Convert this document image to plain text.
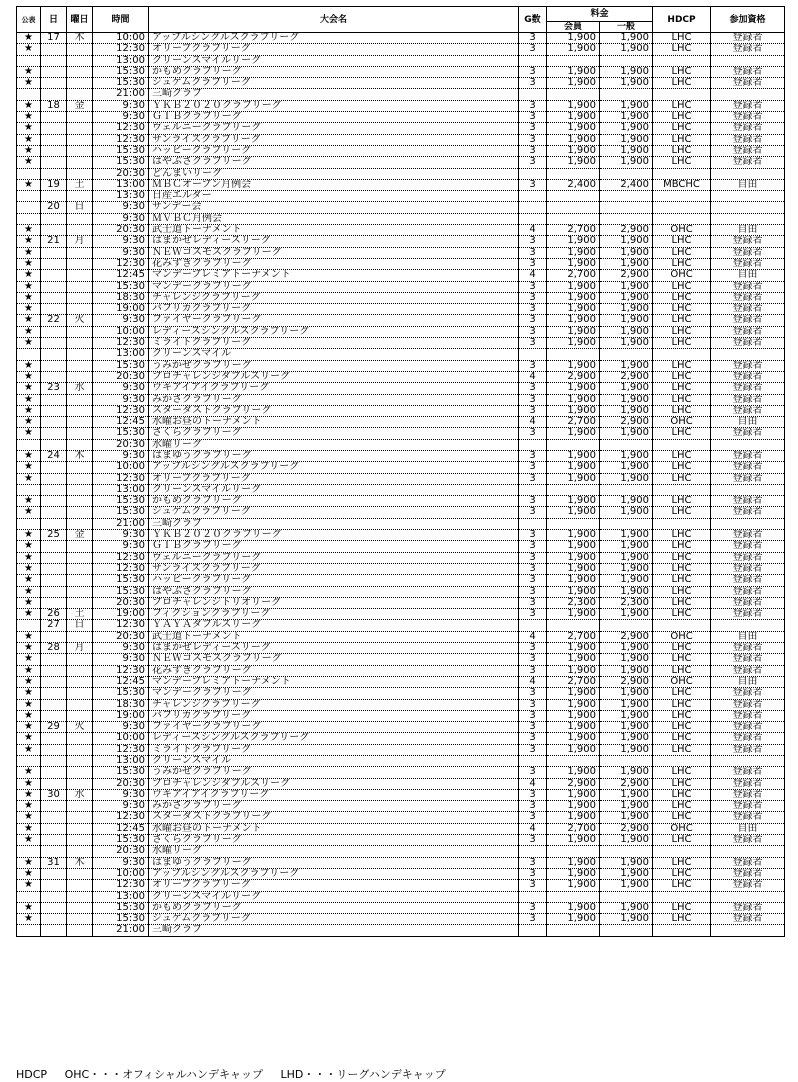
公表	日	曜日	時間	大会名	G数	料金		HDCP	参加資格
						会員	一般		
★	17	木	10:00	アップルシングルスクラブリーグ	3	1,900	1,900	LHC	登録者
★			12:30	オリーブクラブリーグ	3	1,900	1,900	LHC	登録者
			13:00	クリーンスマイルリーグ					
★			15:30	かもめクラブリーグ	3	1,900	1,900	LHC	登録者
★			15:30	ジュゲムクラブリーグ	3	1,900	1,900	LHC	登録者
			21:00	三崎クラブ					
★	18	金	9:30	ＹＫＢ２０２０クラブリーグ	3	1,900	1,900	LHC	登録者
★			9:30	ＧＩＢクラブリーグ	3	1,900	1,900	LHC	登録者
★			12:30	ヴェルニークラブリーグ	3	1,900	1,900	LHC	登録者
★			12:30	サンライズクラブリーグ	3	1,900	1,900	LHC	登録者
★			15:30	ハッピークラブリーグ	3	1,900	1,900	LHC	登録者
★			15:30	はやぶさクラブリーグ	3	1,900	1,900	LHC	登録者
			20:30	どんまいリーグ					
★	19	土	13:00	ＭＢＣオープン月例会	3	2,400	2,400	MBCHC	自由
			13:30	日産エルダー					
	20	日	9:30	サンデー会					
			9:30	ＭＶＢＣ月例会					
★			20:30	武士道トーナメント	4	2,700	2,900	OHC	自由
★	21	月	9:30	はまかぜレディースリーグ	3	1,900	1,900	LHC	登録者
★			9:30	ＮＥＷコスモスクラブリーグ	3	1,900	1,900	LHC	登録者
★			12:30	花みずきクラブリーグ	3	1,900	1,900	LHC	登録者
★			12:45	マンデープレミアトーナメント	4	2,700	2,900	OHC	自由
★			15:30	マンデークラブリーグ	3	1,900	1,900	LHC	登録者
★			18:30	チャレンジクラブリーグ	3	1,900	1,900	LHC	登録者
★			19:00	パフリカクラブリーグ	3	1,900	1,900	LHC	登録者
★	22	火	9:30	ファイヤークラブリーグ	3	1,900	1,900	LHC	登録者
★			10:00	レディースシングルスクラブリーグ	3	1,900	1,900	LHC	登録者
★			12:30	ミライトクラブリーグ	3	1,900	1,900	LHC	登録者
			13:00	クリーンスマイル					
★			15:30	うみかぜクラブリーグ	3	1,900	1,900	LHC	登録者
★			20:30	プロチャレンジダブルスリーグ	4	2,900	2,900	LHC	登録者
★	23	水	9:30	ウキアイアイクラブリーグ	3	1,900	1,900	LHC	登録者
★			9:30	みかさクラブリーグ	3	1,900	1,900	LHC	登録者
★			12:30	スターダストクラブリーグ	3	1,900	1,900	LHC	登録者
★			12:45	水曜お昼のトーナメント	4	2,700	2,900	OHC	自由
★			15:30	さくらクラブリーグ	3	1,900	1,900	LHC	登録者
			20:30	水曜リーグ					
★	24	木	9:30	はまゆうクラブリーグ	3	1,900	1,900	LHC	登録者
★			10:00	アップルシングルスクラブリーグ	3	1,900	1,900	LHC	登録者
★			12:30	オリーブクラブリーグ	3	1,900	1,900	LHC	登録者
			13:00	クリーンスマイルリーグ					
★			15:30	かもめクラブリーグ	3	1,900	1,900	LHC	登録者
★			15:30	ジュゲムクラブリーグ	3	1,900	1,900	LHC	登録者
			21:00	三崎クラブ					
★	25	金	9:30	ＹＫＢ２０２０クラブリーグ	3	1,900	1,900	LHC	登録者
★			9:30	ＧＩＢクラブリーグ	3	1,900	1,900	LHC	登録者
★			12:30	ヴェルニークラブリーグ	3	1,900	1,900	LHC	登録者
★			12:30	サンライズクラブリーグ	3	1,900	1,900	LHC	登録者
★			15:30	ハッピークラブリーグ	3	1,900	1,900	LHC	登録者
★			15:30	はやぶさクラブリーグ	3	1,900	1,900	LHC	登録者
★			20:30	プロチャレンジトリオリーグ	3	2,300	2,300	LHC	登録者
★	26	土	19:00	フィクションクラブリーグ	3	1,900	1,900	LHC	登録者
	27	日	12:30	ＹＡＹＡダブルスリーグ					
★			20:30	武士道トーナメント	4	2,700	2,900	OHC	自由
★	28	月	9:30	はまかぜレディースリーグ	3	1,900	1,900	LHC	登録者
★			9:30	ＮＥＷコスモスクラブリーグ	3	1,900	1,900	LHC	登録者
★			12:30	花みずきクラブリーグ	3	1,900	1,900	LHC	登録者
★			12:45	マンデープレミアトーナメント	4	2,700	2,900	OHC	自由
★			15:30	マンデークラブリーグ	3	1,900	1,900	LHC	登録者
★			18:30	チャレンジクラブリーグ	3	1,900	1,900	LHC	登録者
★			19:00	パフリカクラブリーグ	3	1,900	1,900	LHC	登録者
★	29	火	9:30	ファイヤークラブリーグ	3	1,900	1,900	LHC	登録者
★			10:00	レディースシングルスクラブリーグ	3	1,900	1,900	LHC	登録者
★			12:30	ミライトクラブリーグ	3	1,900	1,900	LHC	登録者
			13:00	クリーンスマイル					
★			15:30	うみかぜクラブリーグ	3	1,900	1,900	LHC	登録者
★			20:30	プロチャレンジダブルスリーグ	4	2,900	2,900	LHC	登録者
★	30	水	9:30	ウキアイアイクラブリーグ	3	1,900	1,900	LHC	登録者
★			9:30	みかさクラブリーグ	3	1,900	1,900	LHC	登録者
★			12:30	スターダストクラブリーグ	3	1,900	1,900	LHC	登録者
★			12:45	水曜お昼のトーナメント	4	2,700	2,900	OHC	自由
★			15:30	さくらクラブリーグ	3	1,900	1,900	LHC	登録者
			20:30	水曜リーグ					
★	31	木	9:30	はまゆうクラブリーグ	3	1,900	1,900	LHC	登録者
★			10:00	アップルシングルスクラブリーグ	3	1,900	1,900	LHC	登録者
★			12:30	オリーブクラブリーグ	3	1,900	1,900	LHC	登録者
			13:00	クリーンスマイルリーグ					
★			15:30	かもめクラブリーグ	3	1,900	1,900	LHC	登録者
★			15:30	ジュゲムクラブリーグ	3	1,900	1,900	LHC	登録者
			21:00	三崎クラブ					
HDCP OHC・・・オフィシャルハンデキャップ LHD・・・リーグハンデキャップ
